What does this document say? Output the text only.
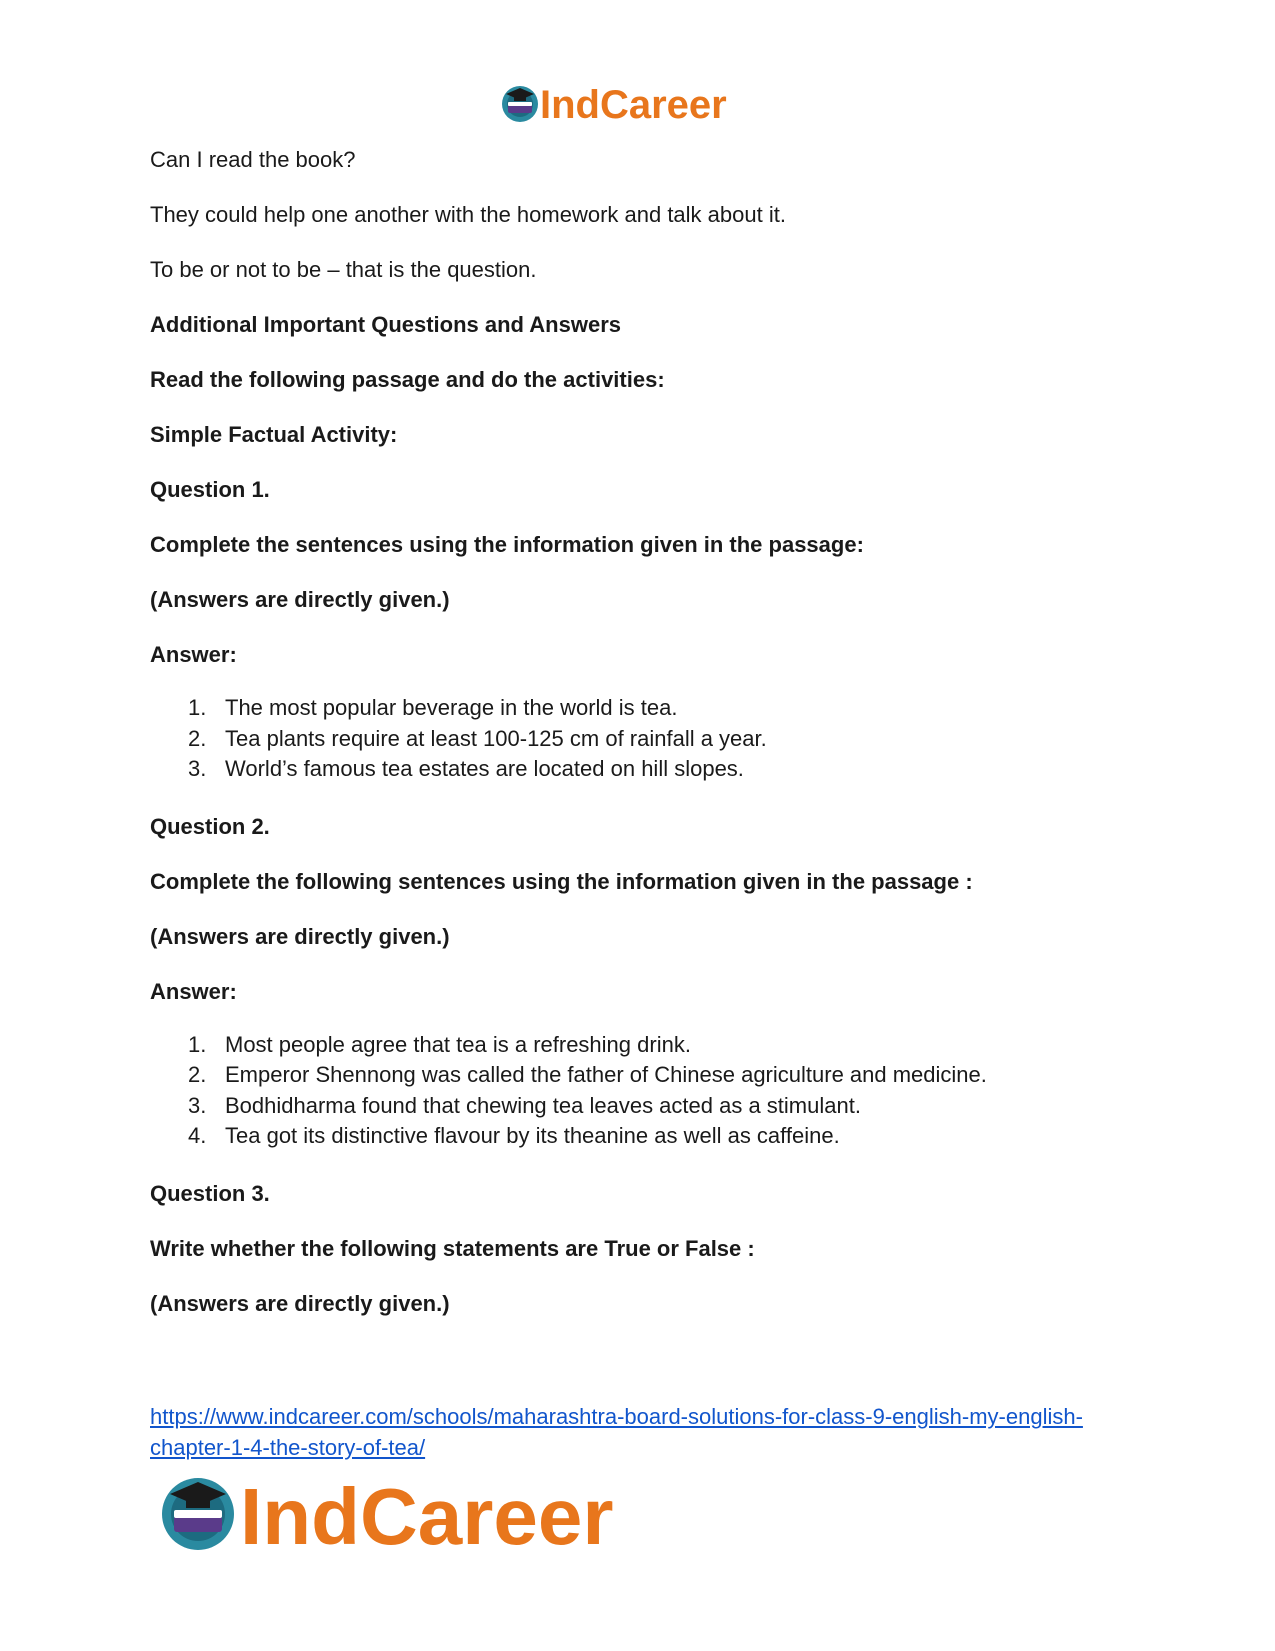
IndCareer

Can I read the book?

They could help one another with the homework and talk about it.

To be or not to be – that is the question.

Additional Important Questions and Answers

Read the following passage and do the activities:

Simple Factual Activity:

Question 1.

Complete the sentences using the information given in the passage:

(Answers are directly given.)

Answer:

1. The most popular beverage in the world is tea.
2. Tea plants require at least 100-125 cm of rainfall a year.
3. World’s famous tea estates are located on hill slopes.

Question 2.

Complete the following sentences using the information given in the passage :

(Answers are directly given.)

Answer:

1. Most people agree that tea is a refreshing drink.
2. Emperor Shennong was called the father of Chinese agriculture and medicine.
3. Bodhidharma found that chewing tea leaves acted as a stimulant.
4. Tea got its distinctive flavour by its theanine as well as caffeine.

Question 3.

Write whether the following statements are True or False :

(Answers are directly given.)

https://www.indcareer.com/schools/maharashtra-board-solutions-for-class-9-english-my-english-
chapter-1-4-the-story-of-tea/
IndCareer
